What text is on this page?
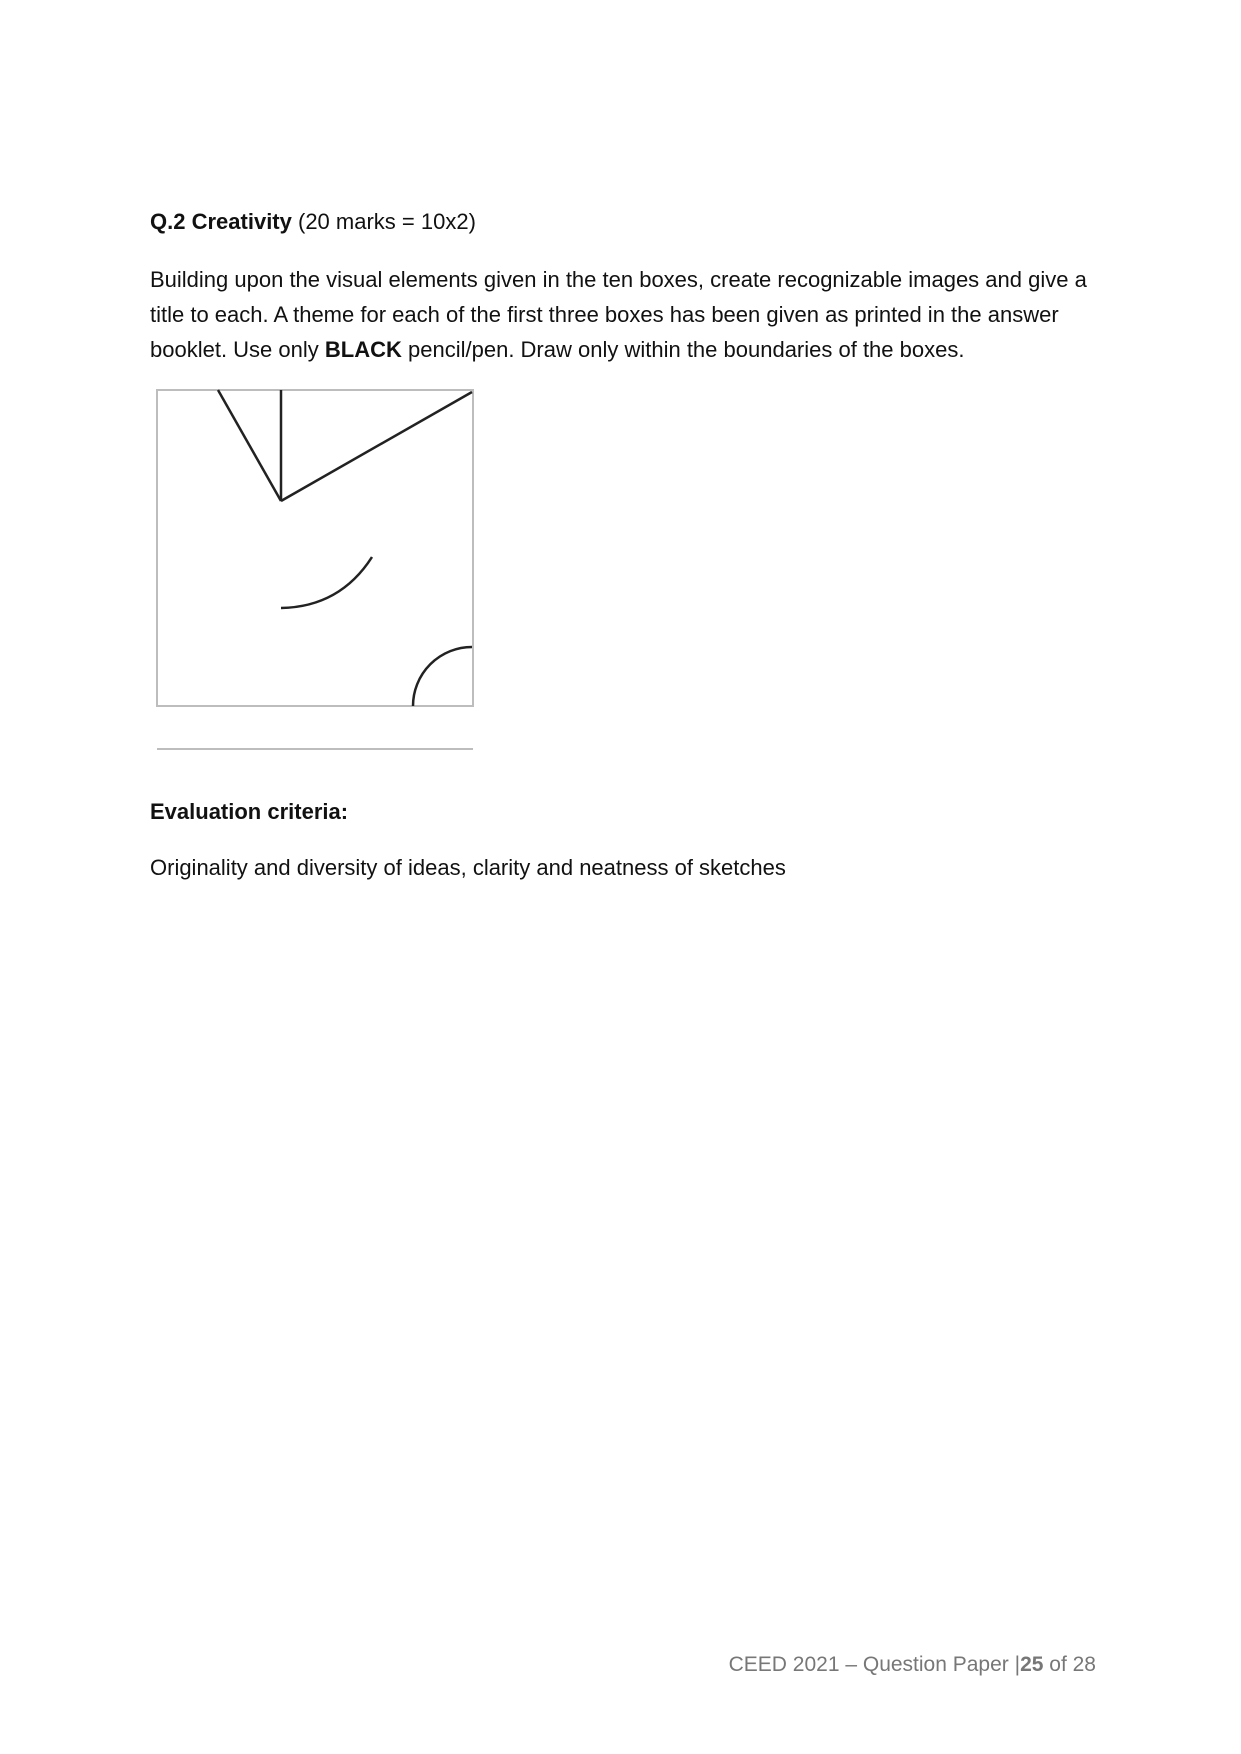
Q.2 Creativity (20 marks = 10x2)

Building upon the visual elements given in the ten boxes, create recognizable images and give a title to each. A theme for each of the first three boxes has been given as printed in the answer booklet. Use only BLACK pencil/pen. Draw only within the boundaries of the boxes.

Evaluation criteria:

Originality and diversity of ideas, clarity and neatness of sketches

CEED 2021 – Question Paper |25 of 28
